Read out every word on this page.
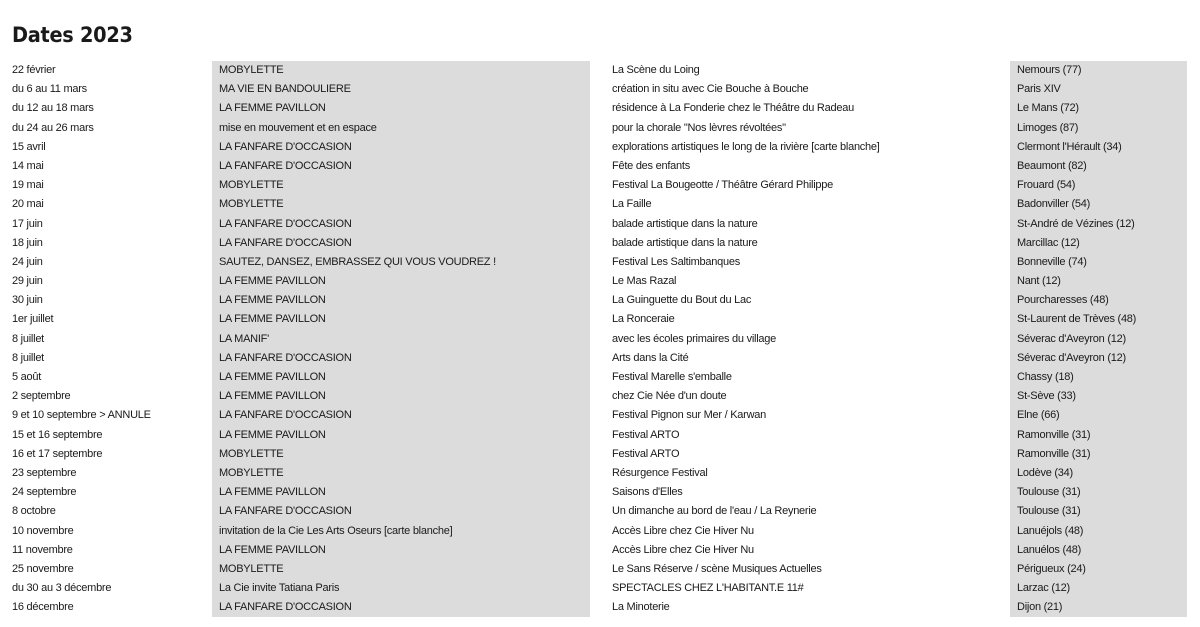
Dates 2023
22 février	MOBYLETTE	La Scène du Loing	Nemours (77)
du 6 au 11 mars	MA VIE EN BANDOULIERE	création in situ avec Cie Bouche à Bouche	Paris XIV
du 12 au 18 mars	LA FEMME PAVILLON	résidence à La Fonderie chez le Théâtre du Radeau	Le Mans (72)
du 24 au 26 mars	mise en mouvement et en espace	pour la chorale "Nos lèvres révoltées"	Limoges (87)
15 avril	LA FANFARE D'OCCASION	explorations artistiques le long de la rivière [carte blanche]	Clermont l'Hérault (34)
14 mai	LA FANFARE D'OCCASION	Fête des enfants	Beaumont (82)
19 mai	MOBYLETTE	Festival La Bougeotte / Théâtre Gérard Philippe	Frouard (54)
20 mai	MOBYLETTE	La Faille	Badonviller (54)
17 juin	LA FANFARE D'OCCASION	balade artistique dans la nature	St-André de Vézines (12)
18 juin	LA FANFARE D'OCCASION	balade artistique dans la nature	Marcillac (12)
24 juin	SAUTEZ, DANSEZ, EMBRASSEZ QUI VOUS VOUDREZ !	Festival Les Saltimbanques	Bonneville (74)
29 juin	LA FEMME PAVILLON	Le Mas Razal	Nant (12)
30 juin	LA FEMME PAVILLON	La Guinguette du Bout du Lac	Pourcharesses (48)
1er juillet	LA FEMME PAVILLON	La Ronceraie	St-Laurent de Trèves (48)
8 juillet	LA MANIF'	avec les écoles primaires du village	Séverac d'Aveyron (12)
8 juillet	LA FANFARE D'OCCASION	Arts dans la Cité	Séverac d'Aveyron (12)
5 août	LA FEMME PAVILLON	Festival Marelle s'emballe	Chassy (18)
2 septembre	LA FEMME PAVILLON	chez Cie Née d'un doute	St-Sève (33)
9 et 10 septembre > ANNULE	LA FANFARE D'OCCASION	Festival Pignon sur Mer / Karwan	Elne (66)
15 et 16 septembre	LA FEMME PAVILLON	Festival ARTO	Ramonville (31)
16 et 17 septembre	MOBYLETTE	Festival ARTO	Ramonville (31)
23 septembre	MOBYLETTE	Résurgence Festival	Lodève (34)
24 septembre	LA FEMME PAVILLON	Saisons d'Elles	Toulouse (31)
8 octobre	LA FANFARE D'OCCASION	Un dimanche au bord de l'eau / La Reynerie	Toulouse (31)
10 novembre	invitation de la Cie Les Arts Oseurs [carte blanche]	Accès Libre chez Cie Hiver Nu	Lanuéjols (48)
11 novembre	LA FEMME PAVILLON	Accès Libre chez Cie Hiver Nu	Lanuélos (48)
25 novembre	MOBYLETTE	Le Sans Réserve / scène Musiques Actuelles	Périgueux (24)
du 30 au 3 décembre	La Cie invite Tatiana Paris	SPECTACLES CHEZ L'HABITANT.E 11#	Larzac (12)
16 décembre	LA FANFARE D'OCCASION	La Minoterie	Dijon (21)
